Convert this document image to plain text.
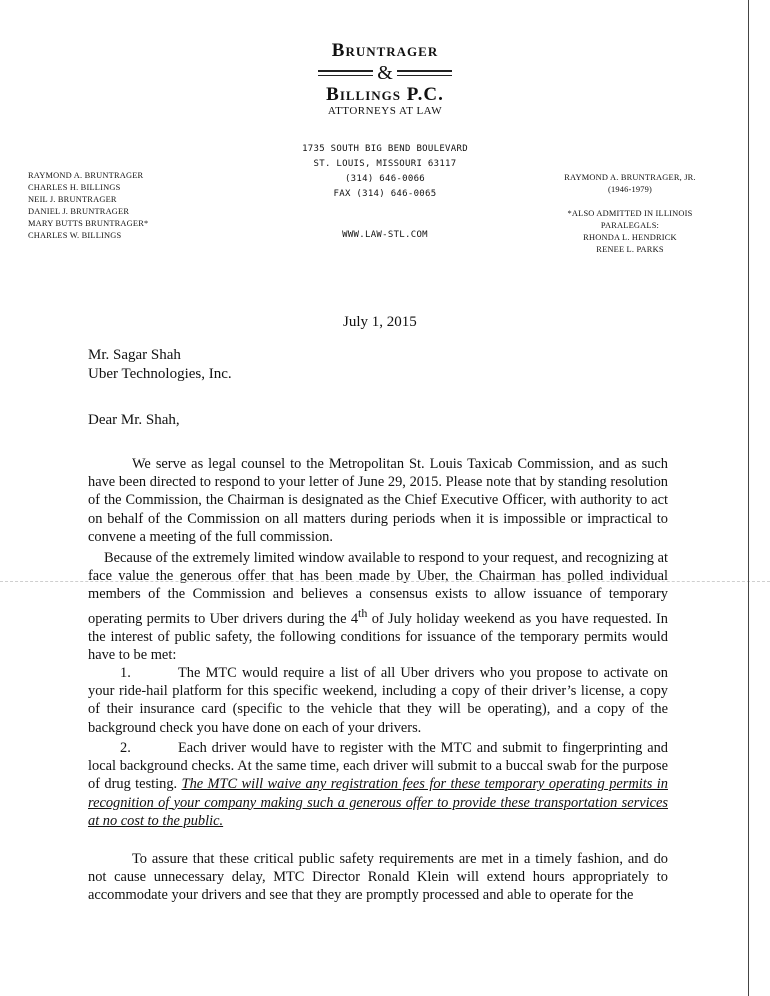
Bruntrager
&
Billings P.C.
ATTORNEYS AT LAW
1735 SOUTH BIG BEND BOULEVARD
ST. LOUIS, MISSOURI 63117
(314) 646-0066
FAX (314) 646-0065
WWW.LAW-STL.COM
RAYMOND A. BRUNTRAGER
CHARLES H. BILLINGS
NEIL J. BRUNTRAGER
DANIEL J. BRUNTRAGER
MARY BUTTS BRUNTRAGER*
CHARLES W. BILLINGS
RAYMOND A. BRUNTRAGER, JR.
(1946-1979)
*ALSO ADMITTED IN ILLINOIS
PARALEGALS:
RHONDA L. HENDRICK
RENEE L. PARKS
July 1, 2015
Mr. Sagar Shah
Uber Technologies, Inc.
Dear Mr. Shah,
We serve as legal counsel to the Metropolitan St. Louis Taxicab Commission, and as such have been directed to respond to your letter of June 29, 2015. Please note that by standing resolution of the Commission, the Chairman is designated as the Chief Executive Officer, with authority to act on behalf of the Commission on all matters during periods when it is impossible or impractical to convene a meeting of the full commission.
Because of the extremely limited window available to respond to your request, and recognizing at face value the generous offer that has been made by Uber, the Chairman has polled individual members of the Commission and believes a consensus exists to allow issuance of temporary operating permits to Uber drivers during the 4th of July holiday weekend as you have requested. In the interest of public safety, the following conditions for issuance of the temporary permits would have to be met:
1.	The MTC would require a list of all Uber drivers who you propose to activate on your ride-hail platform for this specific weekend, including a copy of their driver’s license, a copy of their insurance card (specific to the vehicle that they will be operating), and a copy of the background check you have done on each of your drivers.
2.	Each driver would have to register with the MTC and submit to fingerprinting and local background checks. At the same time, each driver will submit to a buccal swab for the purpose of drug testing. The MTC will waive any registration fees for these temporary operating permits in recognition of your company making such a generous offer to provide these transportation services at no cost to the public.
To assure that these critical public safety requirements are met in a timely fashion, and do not cause unnecessary delay, MTC Director Ronald Klein will extend hours appropriately to accommodate your drivers and see that they are promptly processed and able to operate for the
